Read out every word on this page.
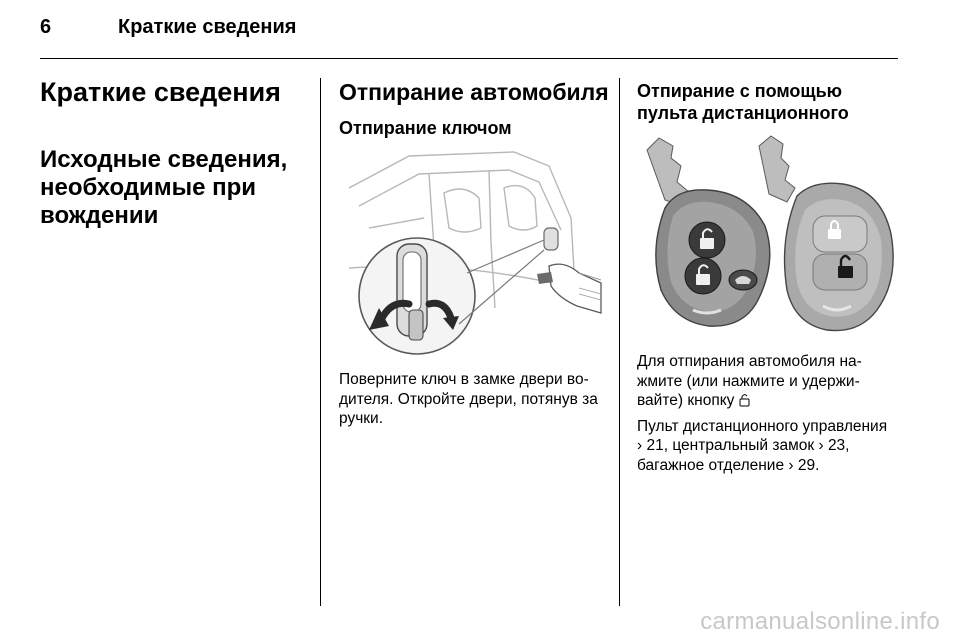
6	Краткие сведения
Краткие сведения
Исходные сведения, необходимые при вождении
Отпирание автомобиля
Отпирание ключом
Поверните ключ в замке двери во-дителя. Откройте двери, потянув за ручки.
Отпирание с помощью пульта дистанционного
Для отпирания автомобиля на-жмите (или нажмите и удержи-вайте) кнопку
Пульт дистанционного управления
› 21, центральный замок › 23,
багажное отделение › 29.
carmanualsonline.info
